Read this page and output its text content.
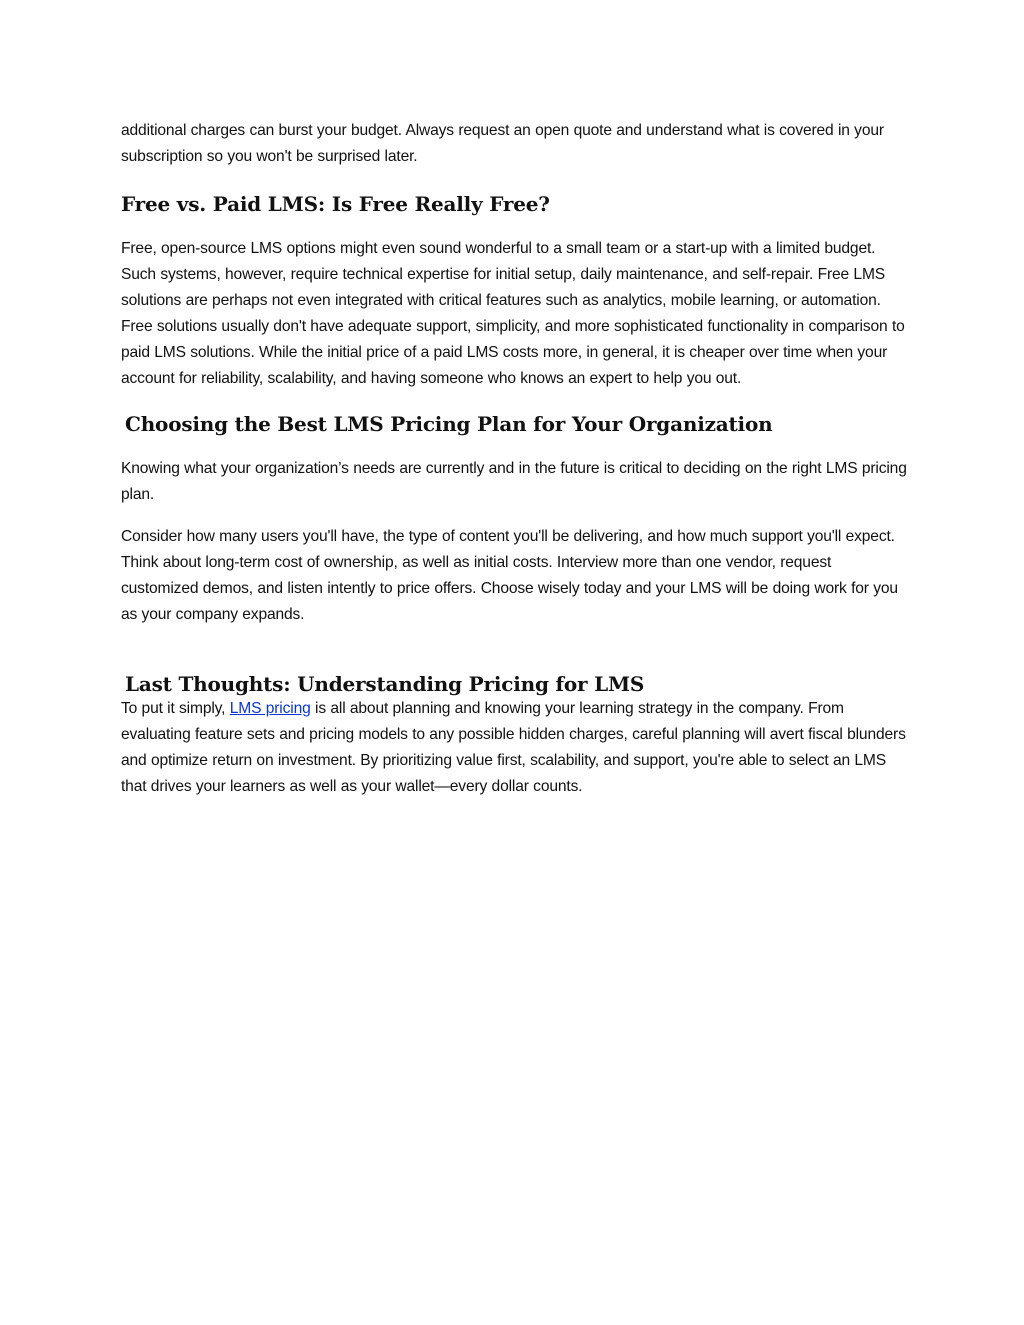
additional charges can burst your budget. Always request an open quote and understand what is covered in your subscription so you won't be surprised later.

Free vs. Paid LMS: Is Free Really Free?

Free, open-source LMS options might even sound wonderful to a small team or a start-up with a limited budget. Such systems, however, require technical expertise for initial setup, daily maintenance, and self-repair. Free LMS solutions are perhaps not even integrated with critical features such as analytics, mobile learning, or automation. Free solutions usually don't have adequate support, simplicity, and more sophisticated functionality in comparison to paid LMS solutions. While the initial price of a paid LMS costs more, in general, it is cheaper over time when your account for reliability, scalability, and having someone who knows an expert to help you out.

Choosing the Best LMS Pricing Plan for Your Organization

Knowing what your organization’s needs are currently and in the future is critical to deciding on the right LMS pricing plan.

Consider how many users you'll have, the type of content you'll be delivering, and how much support you'll expect. Think about long-term cost of ownership, as well as initial costs. Interview more than one vendor, request customized demos, and listen intently to price offers. Choose wisely today and your LMS will be doing work for you as your company expands.

Last Thoughts: Understanding Pricing for LMS

To put it simply, LMS pricing is all about planning and knowing your learning strategy in the company. From evaluating feature sets and pricing models to any possible hidden charges, careful planning will avert fiscal blunders and optimize return on investment. By prioritizing value first, scalability, and support, you're able to select an LMS that drives your learners as well as your wallet—every dollar counts.
